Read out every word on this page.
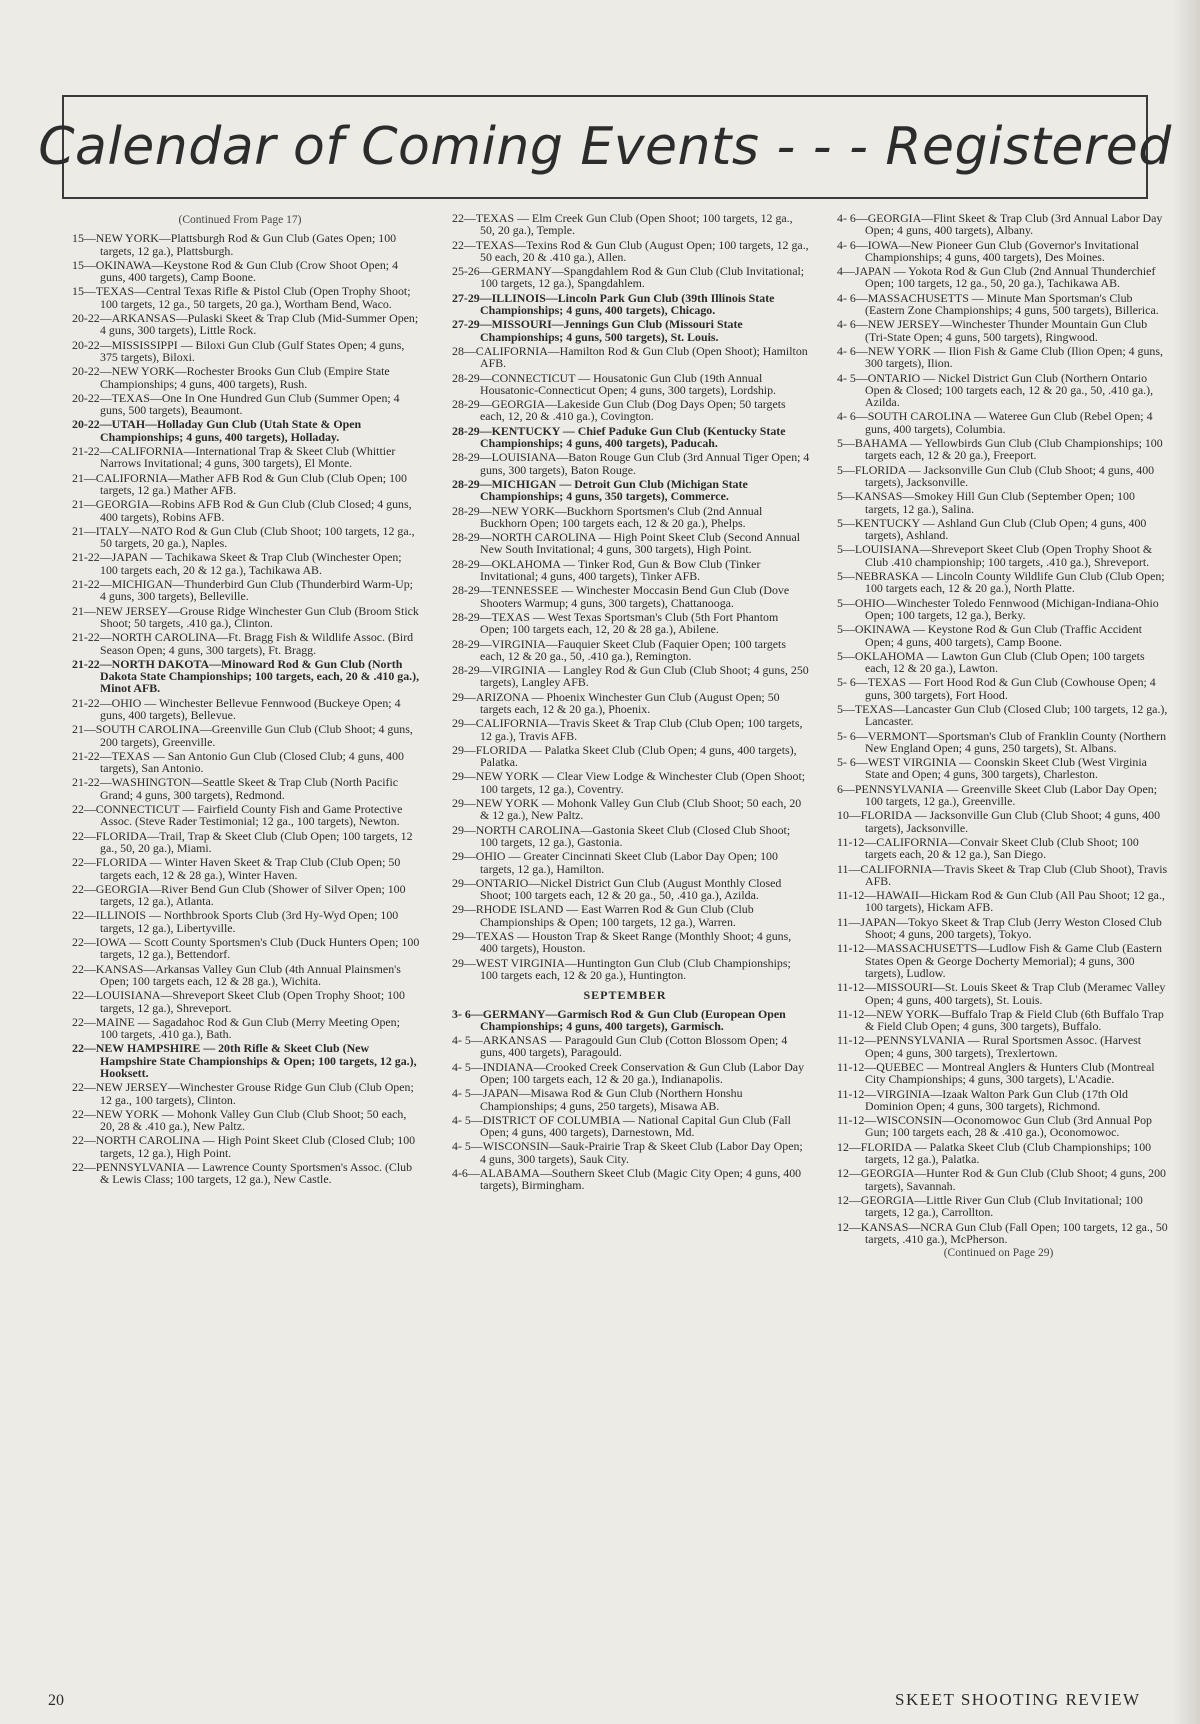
Calendar of Coming Events - - - Registered
(Continued From Page 17)
15—NEW YORK—Plattsburgh Rod & Gun Club (Gates Open; 100 targets, 12 ga.), Plattsburgh.
15—OKINAWA—Keystone Rod & Gun Club (Crow Shoot Open; 4 guns, 400 targets), Camp Boone.
15—TEXAS—Central Texas Rifle & Pistol Club (Open Trophy Shoot; 100 targets, 12 ga., 50 targets, 20 ga.), Wortham Bend, Waco.
20-22—ARKANSAS—Pulaski Skeet & Trap Club (Mid-Summer Open; 4 guns, 300 targets), Little Rock.
20-22—MISSISSIPPI — Biloxi Gun Club (Gulf States Open; 4 guns, 375 targets), Biloxi.
20-22—NEW YORK—Rochester Brooks Gun Club (Empire State Championships; 4 guns, 400 targets), Rush.
20-22—TEXAS—One In One Hundred Gun Club (Summer Open; 4 guns, 500 targets), Beaumont.
20-22—UTAH—Holladay Gun Club (Utah State & Open Championships; 4 guns, 400 targets), Holladay.
21-22—CALIFORNIA—International Trap & Skeet Club (Whittier Narrows Invitational; 4 guns, 300 targets), El Monte.
21—CALIFORNIA—Mather AFB Rod & Gun Club (Club Open; 100 targets, 12 ga.) Mather AFB.
21—GEORGIA—Robins AFB Rod & Gun Club (Club Closed; 4 guns, 400 targets), Robins AFB.
21—ITALY—NATO Rod & Gun Club (Club Shoot; 100 targets, 12 ga., 50 targets, 20 ga.), Naples.
21-22—JAPAN — Tachikawa Skeet & Trap Club (Winchester Open; 100 targets each, 20 & 12 ga.), Tachikawa AB.
21-22—MICHIGAN—Thunderbird Gun Club (Thunderbird Warm-Up; 4 guns, 300 targets), Belleville.
21—NEW JERSEY—Grouse Ridge Winchester Gun Club (Broom Stick Shoot; 50 targets, .410 ga.), Clinton.
21-22—NORTH CAROLINA—Ft. Bragg Fish & Wildlife Assoc. (Bird Season Open; 4 guns, 300 targets), Ft. Bragg.
21-22—NORTH DAKOTA—Minoward Rod & Gun Club (North Dakota State Championships; 100 targets, each, 20 & .410 ga.), Minot AFB.
21-22—OHIO — Winchester Bellevue Fennwood (Buckeye Open; 4 guns, 400 targets), Bellevue.
21—SOUTH CAROLINA—Greenville Gun Club (Club Shoot; 4 guns, 200 targets), Greenville.
21-22—TEXAS — San Antonio Gun Club (Closed Club; 4 guns, 400 targets), San Antonio.
21-22—WASHINGTON—Seattle Skeet & Trap Club (North Pacific Grand; 4 guns, 300 targets), Redmond.
22—CONNECTICUT — Fairfield County Fish and Game Protective Assoc. (Steve Rader Testimonial; 12 ga., 100 targets), Newton.
22—FLORIDA—Trail, Trap & Skeet Club (Club Open; 100 targets, 12 ga., 50, 20 ga.), Miami.
22—FLORIDA — Winter Haven Skeet & Trap Club (Club Open; 50 targets each, 12 & 28 ga.), Winter Haven.
22—GEORGIA—River Bend Gun Club (Shower of Silver Open; 100 targets, 12 ga.), Atlanta.
22—ILLINOIS — Northbrook Sports Club (3rd Hy-Wyd Open; 100 targets, 12 ga.), Libertyville.
22—IOWA — Scott County Sportsmen's Club (Duck Hunters Open; 100 targets, 12 ga.), Bettendorf.
22—KANSAS—Arkansas Valley Gun Club (4th Annual Plainsmen's Open; 100 targets each, 12 & 28 ga.), Wichita.
22—LOUISIANA—Shreveport Skeet Club (Open Trophy Shoot; 100 targets, 12 ga.), Shreveport.
22—MAINE — Sagadahoc Rod & Gun Club (Merry Meeting Open; 100 targets, .410 ga.), Bath.
22—NEW HAMPSHIRE — 20th Rifle & Skeet Club (New Hampshire State Championships & Open; 100 targets, 12 ga.), Hooksett.
22—NEW JERSEY—Winchester Grouse Ridge Gun Club (Club Open; 12 ga., 100 targets), Clinton.
22—NEW YORK — Mohonk Valley Gun Club (Club Shoot; 50 each, 20, 28 & .410 ga.), New Paltz.
22—NORTH CAROLINA — High Point Skeet Club (Closed Club; 100 targets, 12 ga.), High Point.
22—PENNSYLVANIA — Lawrence County Sportsmen's Assoc. (Club & Lewis Class; 100 targets, 12 ga.), New Castle.
22—TEXAS — Elm Creek Gun Club (Open Shoot; 100 targets, 12 ga., 50, 20 ga.), Temple.
22—TEXAS—Texins Rod & Gun Club (August Open; 100 targets, 12 ga., 50 each, 20 & .410 ga.), Allen.
25-26—GERMANY—Spangdahlem Rod & Gun Club (Club Invitational; 100 targets, 12 ga.), Spangdahlem.
27-29—ILLINOIS—Lincoln Park Gun Club (39th Illinois State Championships; 4 guns, 400 targets), Chicago.
27-29—MISSOURI—Jennings Gun Club (Missouri State Championships; 4 guns, 500 targets), St. Louis.
28—CALIFORNIA—Hamilton Rod & Gun Club (Open Shoot); Hamilton AFB.
28-29—CONNECTICUT — Housatonic Gun Club (19th Annual Housatonic-Connecticut Open; 4 guns, 300 targets), Lordship.
28-29—GEORGIA—Lakeside Gun Club (Dog Days Open; 50 targets each, 12, 20 & .410 ga.), Covington.
28-29—KENTUCKY — Chief Paduke Gun Club (Kentucky State Championships; 4 guns, 400 targets), Paducah.
28-29—LOUISIANA—Baton Rouge Gun Club (3rd Annual Tiger Open; 4 guns, 300 targets), Baton Rouge.
28-29—MICHIGAN — Detroit Gun Club (Michigan State Championships; 4 guns, 350 targets), Commerce.
28-29—NEW YORK—Buckhorn Sportsmen's Club (2nd Annual Buckhorn Open; 100 targets each, 12 & 20 ga.), Phelps.
28-29—NORTH CAROLINA — High Point Skeet Club (Second Annual New South Invitational; 4 guns, 300 targets), High Point.
28-29—OKLAHOMA — Tinker Rod, Gun & Bow Club (Tinker Invitational; 4 guns, 400 targets), Tinker AFB.
28-29—TENNESSEE — Winchester Moccasin Bend Gun Club (Dove Shooters Warmup; 4 guns, 300 targets), Chattanooga.
28-29—TEXAS — West Texas Sportsman's Club (5th Fort Phantom Open; 100 targets each, 12, 20 & 28 ga.), Abilene.
28-29—VIRGINIA—Fauquier Skeet Club (Faquier Open; 100 targets each, 12 & 20 ga., 50, .410 ga.), Remington.
28-29—VIRGINIA — Langley Rod & Gun Club (Club Shoot; 4 guns, 250 targets), Langley AFB.
29—ARIZONA — Phoenix Winchester Gun Club (August Open; 50 targets each, 12 & 20 ga.), Phoenix.
29—CALIFORNIA—Travis Skeet & Trap Club (Club Open; 100 targets, 12 ga.), Travis AFB.
29—FLORIDA — Palatka Skeet Club (Club Open; 4 guns, 400 targets), Palatka.
29—NEW YORK — Clear View Lodge & Winchester Club (Open Shoot; 100 targets, 12 ga.), Coventry.
29—NEW YORK — Mohonk Valley Gun Club (Club Shoot; 50 each, 20 & 12 ga.), New Paltz.
29—NORTH CAROLINA—Gastonia Skeet Club (Closed Club Shoot; 100 targets, 12 ga.), Gastonia.
29—OHIO — Greater Cincinnati Skeet Club (Labor Day Open; 100 targets, 12 ga.), Hamilton.
29—ONTARIO—Nickel District Gun Club (August Monthly Closed Shoot; 100 targets each, 12 & 20 ga., 50, .410 ga.), Azilda.
29—RHODE ISLAND — East Warren Rod & Gun Club (Club Championships & Open; 100 targets, 12 ga.), Warren.
29—TEXAS — Houston Trap & Skeet Range (Monthly Shoot; 4 guns, 400 targets), Houston.
29—WEST VIRGINIA—Huntington Gun Club (Club Championships; 100 targets each, 12 & 20 ga.), Huntington.
SEPTEMBER
3- 6—GERMANY—Garmisch Rod & Gun Club (European Open Championships; 4 guns, 400 targets), Garmisch.
4- 5—ARKANSAS — Paragould Gun Club (Cotton Blossom Open; 4 guns, 400 targets), Paragould.
4- 5—INDIANA—Crooked Creek Conservation & Gun Club (Labor Day Open; 100 targets each, 12 & 20 ga.), Indianapolis.
4- 5—JAPAN—Misawa Rod & Gun Club (Northern Honshu Championships; 4 guns, 250 targets), Misawa AB.
4- 5—DISTRICT OF COLUMBIA — National Capital Gun Club (Fall Open; 4 guns, 400 targets), Darnestown, Md.
4- 5—WISCONSIN—Sauk-Prairie Trap & Skeet Club (Labor Day Open; 4 guns, 300 targets), Sauk City.
4-6—ALABAMA—Southern Skeet Club (Magic City Open; 4 guns, 400 targets), Birmingham.
4- 6—GEORGIA—Flint Skeet & Trap Club (3rd Annual Labor Day Open; 4 guns, 400 targets), Albany.
4- 6—IOWA—New Pioneer Gun Club (Governor's Invitational Championships; 4 guns, 400 targets), Des Moines.
4—JAPAN — Yokota Rod & Gun Club (2nd Annual Thunderchief Open; 100 targets, 12 ga., 50, 20 ga.), Tachikawa AB.
4- 6—MASSACHUSETTS — Minute Man Sportsman's Club (Eastern Zone Championships; 4 guns, 500 targets), Billerica.
4- 6—NEW JERSEY—Winchester Thunder Mountain Gun Club (Tri-State Open; 4 guns, 500 targets), Ringwood.
4- 6—NEW YORK — Ilion Fish & Game Club (Ilion Open; 4 guns, 300 targets), Ilion.
4- 5—ONTARIO — Nickel District Gun Club (Northern Ontario Open & Closed; 100 targets each, 12 & 20 ga., 50, .410 ga.), Azilda.
4- 6—SOUTH CAROLINA — Wateree Gun Club (Rebel Open; 4 guns, 400 targets), Columbia.
5—BAHAMA — Yellowbirds Gun Club (Club Championships; 100 targets each, 12 & 20 ga.), Freeport.
5—FLORIDA — Jacksonville Gun Club (Club Shoot; 4 guns, 400 targets), Jacksonville.
5—KANSAS—Smokey Hill Gun Club (September Open; 100 targets, 12 ga.), Salina.
5—KENTUCKY — Ashland Gun Club (Club Open; 4 guns, 400 targets), Ashland.
5—LOUISIANA—Shreveport Skeet Club (Open Trophy Shoot & Club .410 championship; 100 targets, .410 ga.), Shreveport.
5—NEBRASKA — Lincoln County Wildlife Gun Club (Club Open; 100 targets each, 12 & 20 ga.), North Platte.
5—OHIO—Winchester Toledo Fennwood (Michigan-Indiana-Ohio Open; 100 targets, 12 ga.), Berky.
5—OKINAWA — Keystone Rod & Gun Club (Traffic Accident Open; 4 guns, 400 targets), Camp Boone.
5—OKLAHOMA — Lawton Gun Club (Club Open; 100 targets each, 12 & 20 ga.), Lawton.
5- 6—TEXAS — Fort Hood Rod & Gun Club (Cowhouse Open; 4 guns, 300 targets), Fort Hood.
5—TEXAS—Lancaster Gun Club (Closed Club; 100 targets, 12 ga.), Lancaster.
5- 6—VERMONT—Sportsman's Club of Franklin County (Northern New England Open; 4 guns, 250 targets), St. Albans.
5- 6—WEST VIRGINIA — Coonskin Skeet Club (West Virginia State and Open; 4 guns, 300 targets), Charleston.
6—PENNSYLVANIA — Greenville Skeet Club (Labor Day Open; 100 targets, 12 ga.), Greenville.
10—FLORIDA — Jacksonville Gun Club (Club Shoot; 4 guns, 400 targets), Jacksonville.
11-12—CALIFORNIA—Convair Skeet Club (Club Shoot; 100 targets each, 20 & 12 ga.), San Diego.
11—CALIFORNIA—Travis Skeet & Trap Club (Club Shoot), Travis AFB.
11-12—HAWAII—Hickam Rod & Gun Club (All Pau Shoot; 12 ga., 100 targets), Hickam AFB.
11—JAPAN—Tokyo Skeet & Trap Club (Jerry Weston Closed Club Shoot; 4 guns, 200 targets), Tokyo.
11-12—MASSACHUSETTS—Ludlow Fish & Game Club (Eastern States Open & George Docherty Memorial); 4 guns, 300 targets), Ludlow.
11-12—MISSOURI—St. Louis Skeet & Trap Club (Meramec Valley Open; 4 guns, 400 targets), St. Louis.
11-12—NEW YORK—Buffalo Trap & Field Club (6th Buffalo Trap & Field Club Open; 4 guns, 300 targets), Buffalo.
11-12—PENNSYLVANIA — Rural Sportsmen Assoc. (Harvest Open; 4 guns, 300 targets), Trexlertown.
11-12—QUEBEC — Montreal Anglers & Hunters Club (Montreal City Championships; 4 guns, 300 targets), L'Acadie.
11-12—VIRGINIA—Izaak Walton Park Gun Club (17th Old Dominion Open; 4 guns, 300 targets), Richmond.
11-12—WISCONSIN—Oconomowoc Gun Club (3rd Annual Pop Gun; 100 targets each, 28 & .410 ga.), Oconomowoc.
12—FLORIDA — Palatka Skeet Club (Club Championships; 100 targets, 12 ga.), Palatka.
12—GEORGIA—Hunter Rod & Gun Club (Club Shoot; 4 guns, 200 targets), Savannah.
12—GEORGIA—Little River Gun Club (Club Invitational; 100 targets, 12 ga.), Carrollton.
12—KANSAS—NCRA Gun Club (Fall Open; 100 targets, 12 ga., 50 targets, .410 ga.), McPherson.
(Continued on Page 29)
20	SKEET SHOOTING REVIEW
